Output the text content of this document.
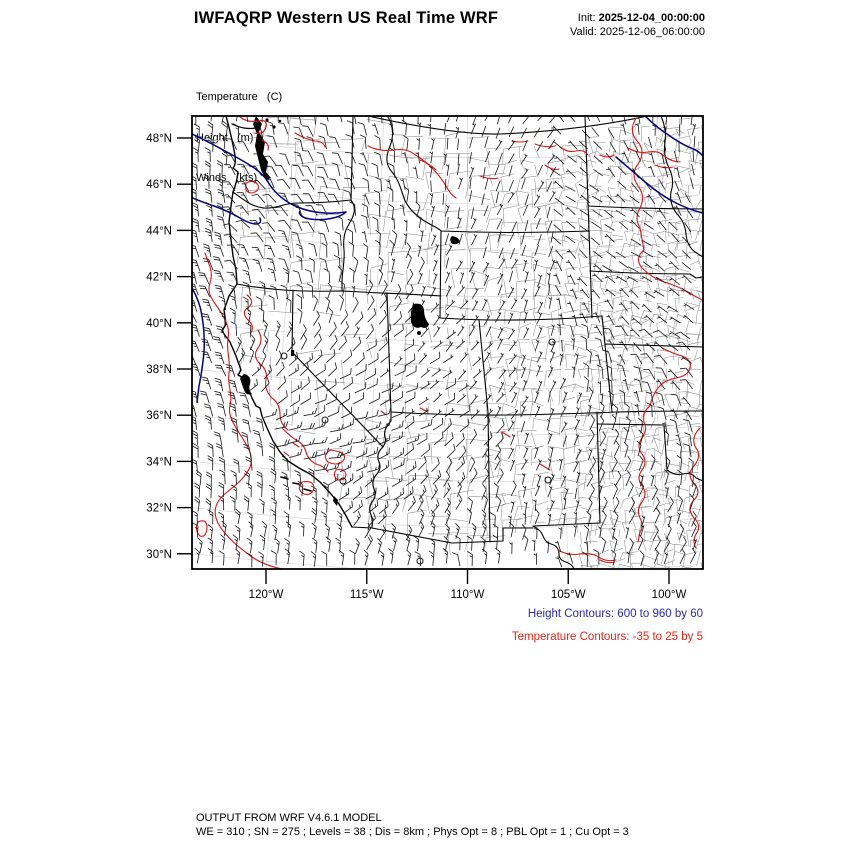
IWFAQRP Western US Real Time WRF	Init: 2025-12-04_00:00:00
Valid: 2025-12-06_06:00:00

Temperature   (C)

Height   (m)

Winds   (kts)

48°N
46°N
44°N
42°N
40°N
38°N
36°N
34°N
32°N
30°N
120°W	115°W	110°W	105°W	100°W
Height Contours: 600 to 960 by 60
Temperature Contours: -35 to 25 by 5
OUTPUT FROM WRF V4.6.1 MODEL
WE = 310 ; SN = 275 ; Levels = 38 ; Dis = 8km ; Phys Opt = 8 ; PBL Opt = 1 ; Cu Opt = 3
